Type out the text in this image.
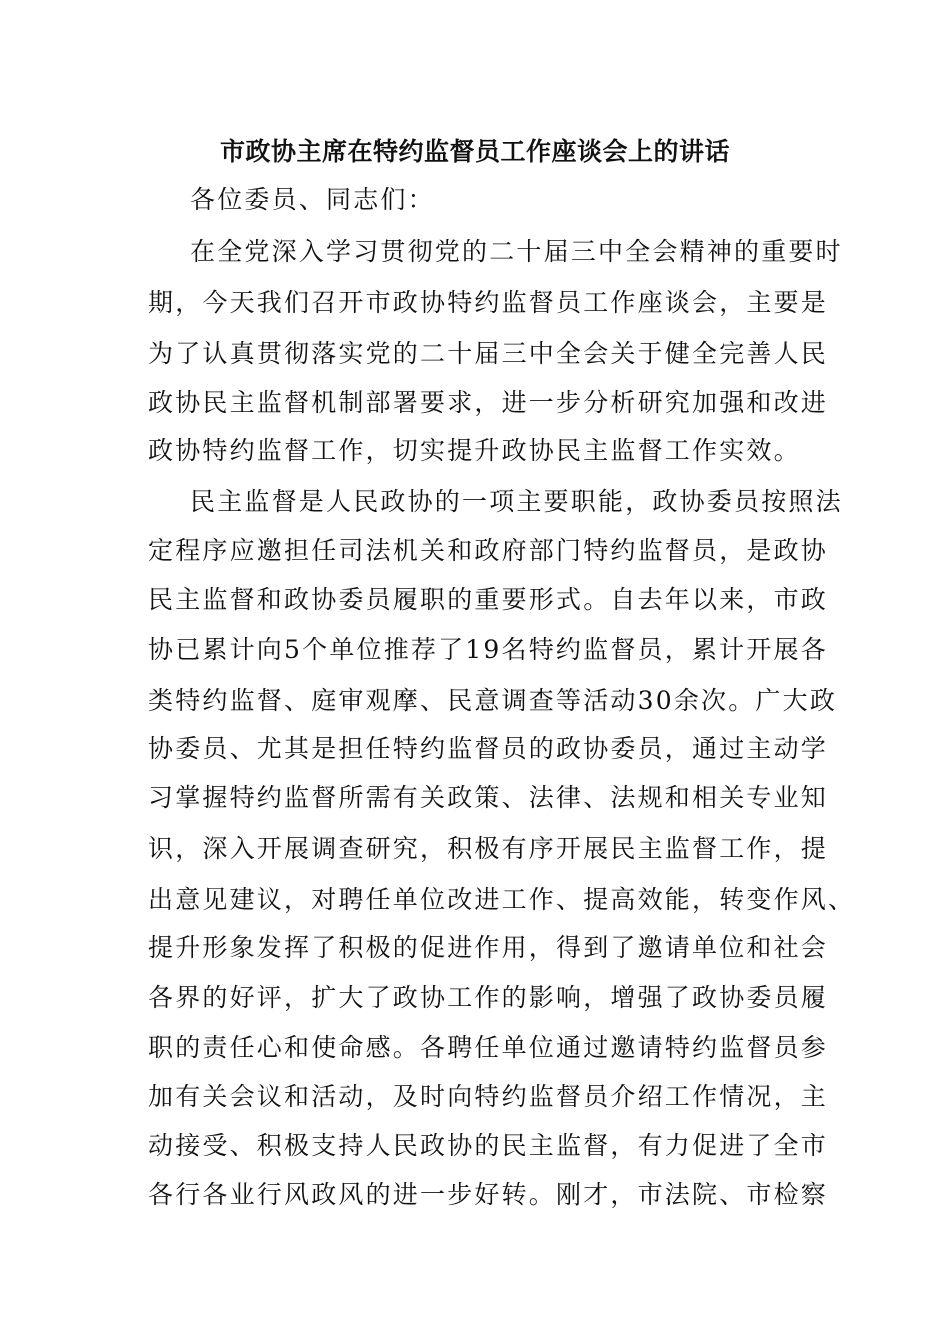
市政协主席在特约监督员工作座谈会上的讲话
各位委员、同志们：
在全党深入学习贯彻党的二十届三中全会精神的重要时
期，今天我们召开市政协特约监督员工作座谈会，主要是
为了认真贯彻落实党的二十届三中全会关于健全完善人民
政协民主监督机制部署要求，进一步分析研究加强和改进
政协特约监督工作，切实提升政协民主监督工作实效。
民主监督是人民政协的一项主要职能，政协委员按照法
定程序应邀担任司法机关和政府部门特约监督员，是政协
民主监督和政协委员履职的重要形式。自去年以来，市政
协已累计向5个单位推荐了19名特约监督员，累计开展各
类特约监督、庭审观摩、民意调查等活动30余次。广大政
协委员、尤其是担任特约监督员的政协委员，通过主动学
习掌握特约监督所需有关政策、法律、法规和相关专业知
识，深入开展调查研究，积极有序开展民主监督工作，提
出意见建议，对聘任单位改进工作、提高效能，转变作风、
提升形象发挥了积极的促进作用，得到了邀请单位和社会
各界的好评，扩大了政协工作的影响，增强了政协委员履
职的责任心和使命感。各聘任单位通过邀请特约监督员参
加有关会议和活动，及时向特约监督员介绍工作情况，主
动接受、积极支持人民政协的民主监督，有力促进了全市
各行各业行风政风的进一步好转。刚才，市法院、市检察
